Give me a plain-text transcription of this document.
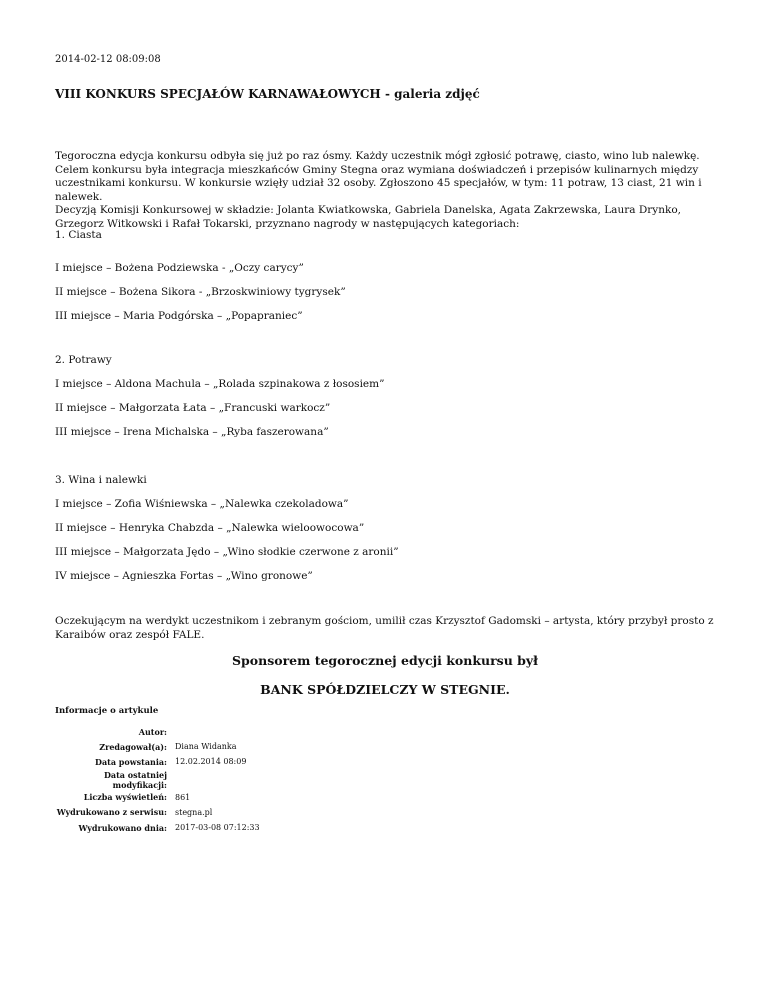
2014-02-12 08:09:08
VIII KONKURS SPECJAŁÓW KARNAWAŁOWYCH - galeria zdjęć

Tegoroczna edycja konkursu odbyła się już po raz ósmy. Każdy uczestnik mógł zgłosić potrawę, ciasto, wino lub nalewkę. Celem konkursu była integracja mieszkańców Gminy Stegna oraz wymiana doświadczeń i przepisów kulinarnych między uczestnikami konkursu. W konkursie wzięły udział 32 osoby. Zgłoszono 45 specjałów, w tym: 11 potraw, 13 ciast, 21 win i nalewek.
Decyzją Komisji Konkursowej w składzie: Jolanta Kwiatkowska, Gabriela Danelska, Agata Zakrzewska, Laura Drynko, Grzegorz Witkowski i Rafał Tokarski, przyznano nagrody w następujących kategoriach:

1. Ciasta

I miejsce – Bożena Podziewska - „Oczy carycy”

II miejsce – Bożena Sikora - „Brzoskwiniowy tygrysek”

III miejsce – Maria Podgórska – „Popapraniec”

2. Potrawy

I miejsce – Aldona Machula – „Rolada szpinakowa z łososiem”

II miejsce – Małgorzata Łata – „Francuski warkocz”

III miejsce – Irena Michalska – „Ryba faszerowana”

3. Wina i nalewki

I miejsce – Zofia Wiśniewska – „Nalewka czekoladowa”

II miejsce – Henryka Chabzda – „Nalewka wieloowocowa”

III miejsce – Małgorzata Jędo – „Wino słodkie czerwone z aronii”

IV miejsce – Agnieszka Fortas – „Wino gronowe”

Oczekującym na werdykt uczestnikom i zebranym gościom, umilił czas Krzysztof Gadomski – artysta, który przybył prosto z Karaibów oraz zespół FALE.

Sponsorem tegorocznej edycji konkursu był

BANK SPÓŁDZIELCZY W STEGNIE.

Informacje o artykule

Autor:	
Zredagował(a):	Diana Widanka
Data powstania:	12.02.2014 08:09
Data ostatniej modyfikacji:	
Liczba wyświetleń:	861
Wydrukowano z serwisu:	stegna.pl
Wydrukowano dnia:	2017-03-08 07:12:33
